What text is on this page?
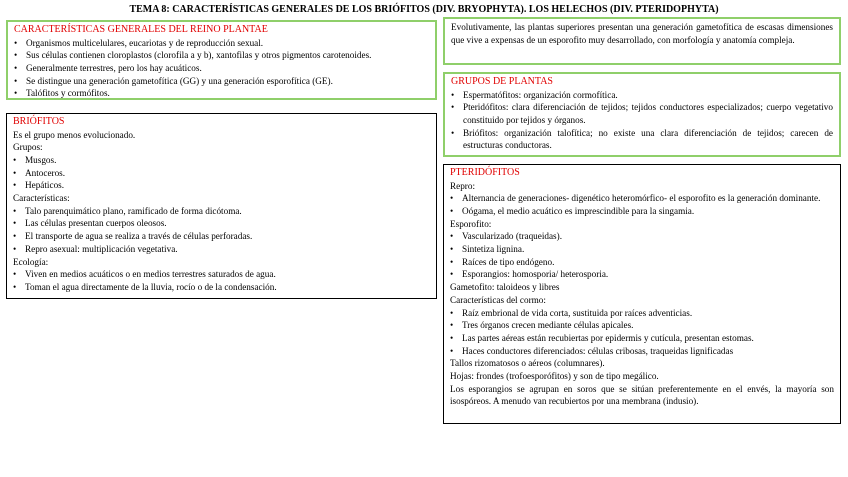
TEMA 8: CARACTERÍSTICAS GENERALES DE LOS BRIÓFITOS (DIV. BRYOPHYTA). LOS HELECHOS (DIV. PTERIDOPHYTA)
CARACTERÍSTICAS GENERALES DEL REINO PLANTAE
• Organismos multicelulares, eucariotas y de reproducción sexual.
• Sus células contienen cloroplastos (clorofila a y b), xantofilas y otros pigmentos carotenoides.
• Generalmente terrestres, pero los hay acuáticos.
• Se distingue una generación gametofítica (GG) y una generación esporofítica (GE).
• Talófitos y cormófitos.

Evolutivamente, las plantas superiores presentan una generación gametofítica de escasas dimensiones que vive a expensas de un esporofito muy desarrollado, con morfología y anatomía compleja.

GRUPOS DE PLANTAS
• Espermatófitos: organización cormofítica.
• Pteridófitos: clara diferenciación de tejidos; tejidos conductores especializados; cuerpo vegetativo constituido por tejidos y órganos.
• Briófitos: organización talofítica; no existe una clara diferenciación de tejidos; carecen de estructuras conductoras.
BRIÓFITOS

Es el grupo menos evolucionado.

Grupos:

• Musgos.
• Antoceros.
• Hepáticos.

Características:

• Talo parenquimático plano, ramificado de forma dicótoma.
• Las células presentan cuerpos oleosos.
• El transporte de agua se realiza a través de células perforadas.
• Repro asexual: multiplicación vegetativa.

Ecología:

• Viven en medios acuáticos o en medios terrestres saturados de agua.
• Toman el agua directamente de la lluvia, rocío o de la condensación.
PTERIDÓFITOS

Repro:

• Alternancia de generaciones- digenético heteromórfico- el esporofito es la generación dominante.
• Oógama, el medio acuático es imprescindible para la singamia.

Esporofito:

• Vascularizado (traqueidas).
• Sintetiza lignina.
• Raíces de tipo endógeno.
• Esporangios: homosporia/ heterosporia.

Gametofito: taloideos y libres

Características del cormo:

• Raíz embrional de vida corta, sustituida por raíces adventicias.
• Tres órganos crecen mediante células apicales.
• Las partes aéreas están recubiertas por epidermis y cutícula, presentan estomas.
• Haces conductores diferenciados: células cribosas, traqueidas lignificadas

Tallos rizomatosos o aéreos (columnares).

Hojas: frondes (trofoesporófitos) y son de tipo megálico.

Los esporangios se agrupan en soros que se sitúan preferentemente en el envés, la mayoría son isospóreos. A menudo van recubiertos por una membrana (indusio).
